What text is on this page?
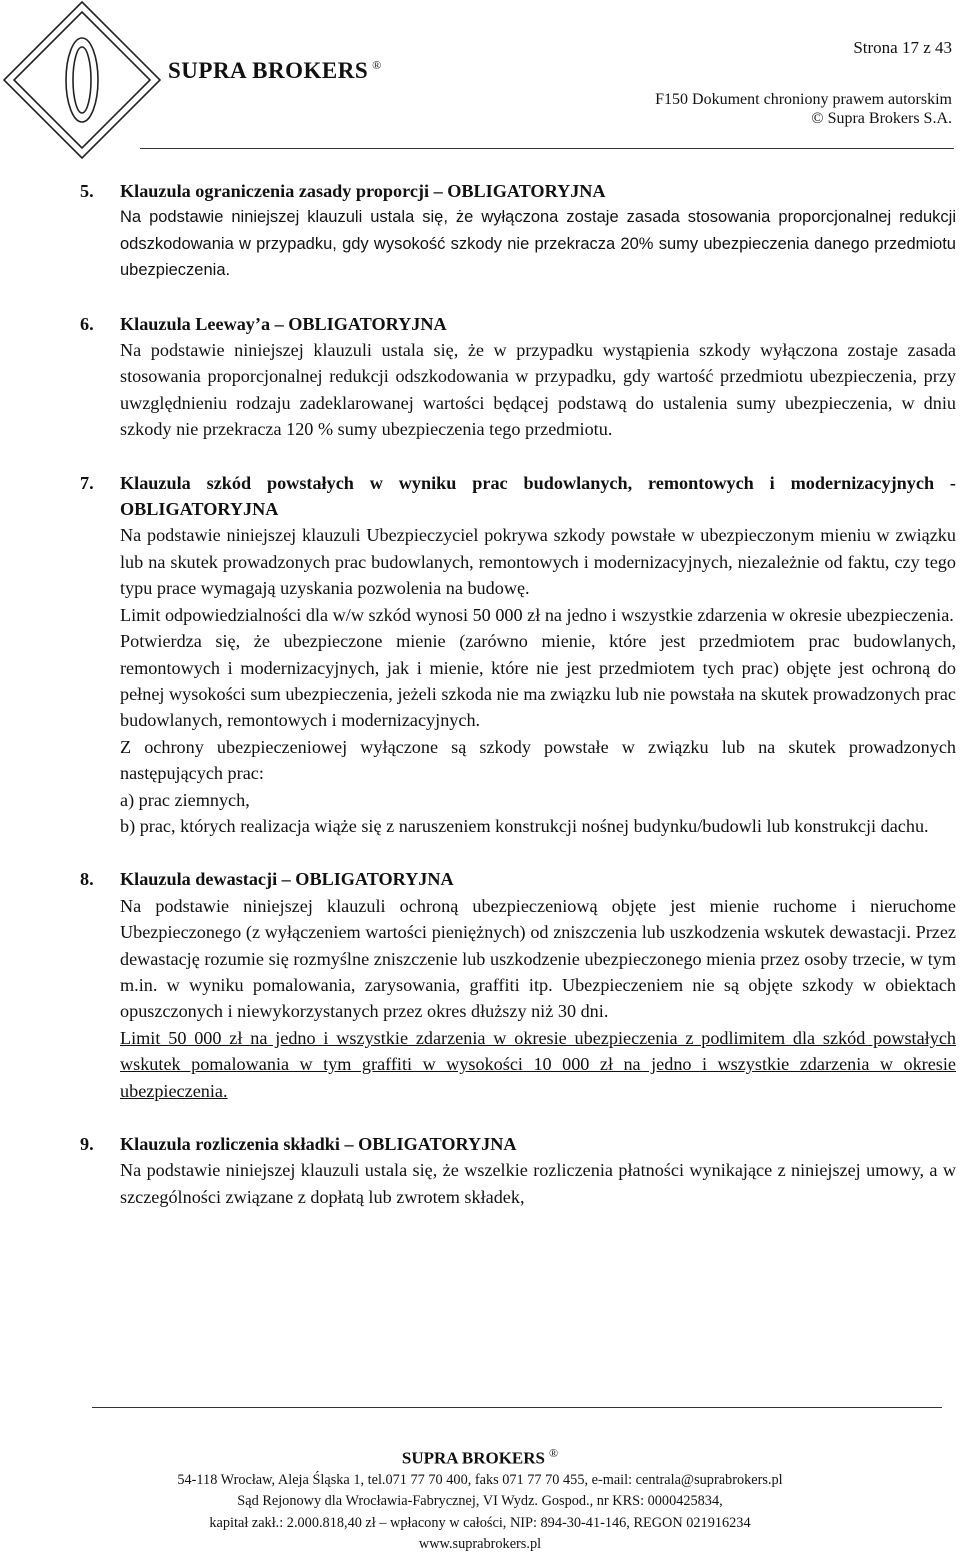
SUPRA BROKERS ®
Strona 17 z 43
F150 Dokument chroniony prawem autorskim
© Supra Brokers S.A.
5.	Klauzula ograniczenia zasady proporcji – OBLIGATORYJNA

Na podstawie niniejszej klauzuli ustala się, że wyłączona zostaje zasada stosowania proporcjonalnej redukcji odszkodowania w przypadku, gdy wysokość szkody nie przekracza 20% sumy ubezpieczenia danego przedmiotu ubezpieczenia.

6.	Klauzula Leeway’a – OBLIGATORYJNA

Na podstawie niniejszej klauzuli ustala się, że w przypadku wystąpienia szkody wyłączona zostaje zasada stosowania proporcjonalnej redukcji odszkodowania w przypadku, gdy wartość przedmiotu ubezpieczenia, przy uwzględnieniu rodzaju zadeklarowanej wartości będącej podstawą do ustalenia sumy ubezpieczenia, w dniu szkody nie przekracza 120 % sumy ubezpieczenia tego przedmiotu.

7.	Klauzula szkód powstałych w wyniku prac budowlanych, remontowych i modernizacyjnych - OBLIGATORYJNA

Na podstawie niniejszej klauzuli Ubezpieczyciel pokrywa szkody powstałe w ubezpieczonym mieniu w związku lub na skutek prowadzonych prac budowlanych, remontowych i modernizacyjnych, niezależnie od faktu, czy tego typu prace wymagają uzyskania pozwolenia na budowę.

Limit odpowiedzialności dla w/w szkód wynosi 50 000 zł na jedno i wszystkie zdarzenia w okresie ubezpieczenia.

Potwierdza się, że ubezpieczone mienie (zarówno mienie, które jest przedmiotem prac budowlanych, remontowych i modernizacyjnych, jak i mienie, które nie jest przedmiotem tych prac) objęte jest ochroną do pełnej wysokości sum ubezpieczenia, jeżeli szkoda nie ma związku lub nie powstała na skutek prowadzonych prac budowlanych, remontowych i modernizacyjnych.

Z ochrony ubezpieczeniowej wyłączone są szkody powstałe w związku lub na skutek prowadzonych następujących prac:

a) prac ziemnych,

b) prac, których realizacja wiąże się z naruszeniem konstrukcji nośnej budynku/budowli lub konstrukcji dachu.

8.	Klauzula dewastacji – OBLIGATORYJNA

Na podstawie niniejszej klauzuli ochroną ubezpieczeniową objęte jest mienie ruchome i nieruchome Ubezpieczonego (z wyłączeniem wartości pieniężnych) od zniszczenia lub uszkodzenia wskutek dewastacji. Przez dewastację rozumie się rozmyślne zniszczenie lub uszkodzenie ubezpieczonego mienia przez osoby trzecie, w tym m.in. w wyniku pomalowania, zarysowania, graffiti itp. Ubezpieczeniem nie są objęte szkody w obiektach opuszczonych i niewykorzystanych przez okres dłuższy niż 30 dni.

Limit 50 000 zł na jedno i wszystkie zdarzenia w okresie ubezpieczenia z podlimitem dla szkód powstałych wskutek pomalowania w tym graffiti w wysokości 10 000 zł na jedno i wszystkie zdarzenia w okresie ubezpieczenia.

9.	Klauzula rozliczenia składki – OBLIGATORYJNA

Na podstawie niniejszej klauzuli ustala się, że wszelkie rozliczenia płatności wynikające z niniejszej umowy, a w szczególności związane z dopłatą lub zwrotem składek,

SUPRA BROKERS ®
54-118 Wrocław, Aleja Śląska 1, tel.071 77 70 400, faks 071 77 70 455, e-mail: centrala@suprabrokers.pl
Sąd Rejonowy dla Wrocławia-Fabrycznej, VI Wydz. Gospod., nr KRS: 0000425834,
kapitał zakł.: 2.000.818,40 zł – wpłacony w całości, NIP: 894-30-41-146, REGON 021916234
www.suprabrokers.pl
